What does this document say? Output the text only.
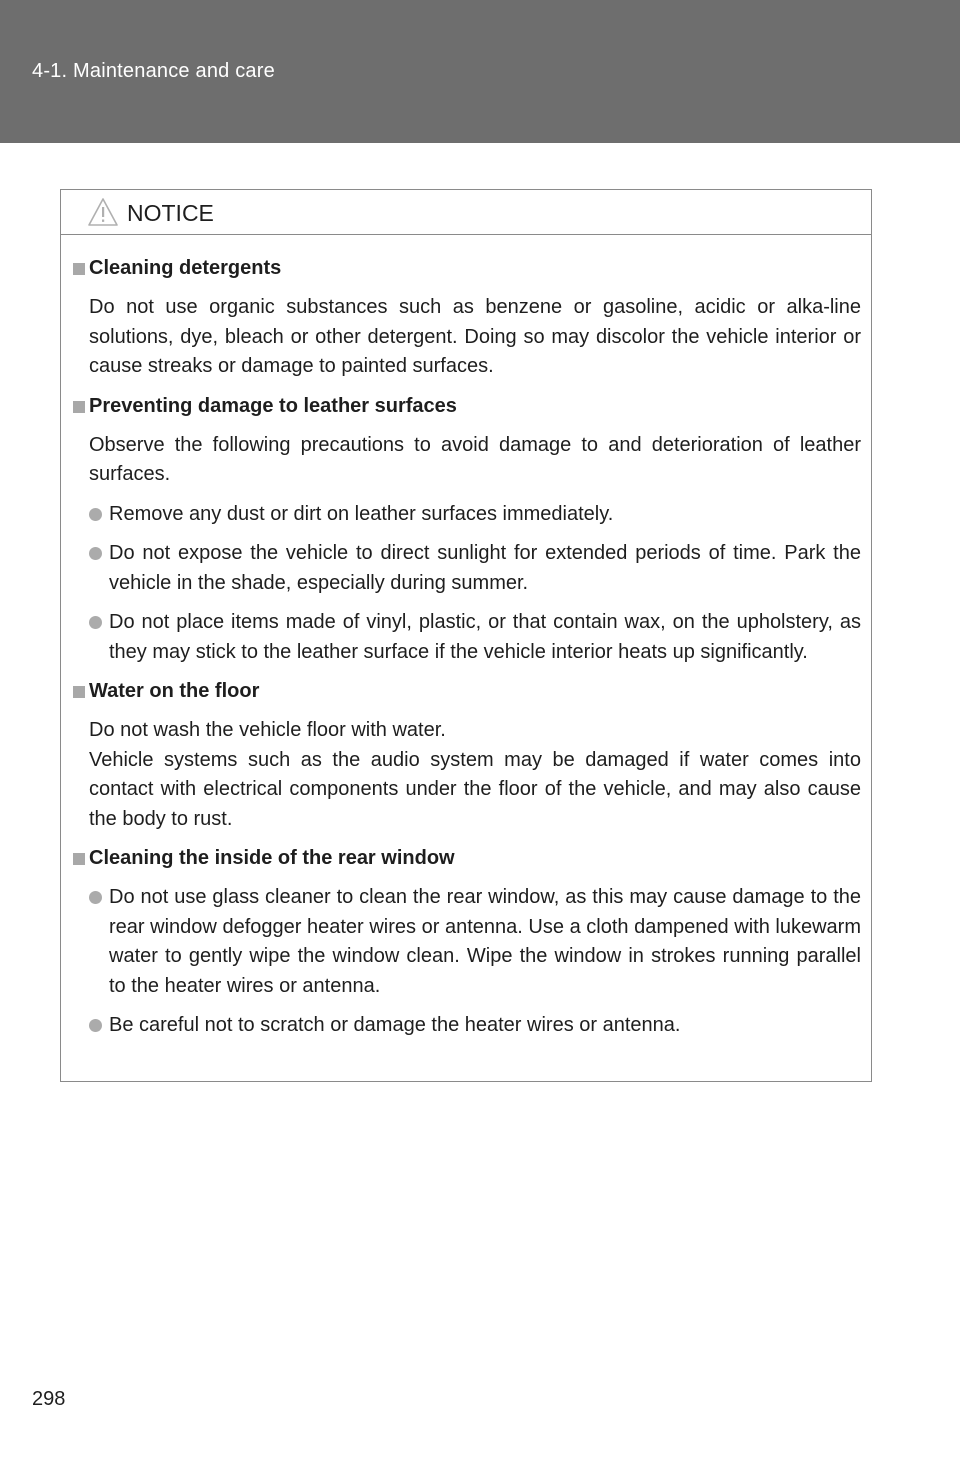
4-1. Maintenance and care
NOTICE
Cleaning detergents
Do not use organic substances such as benzene or gasoline, acidic or alka-line solutions, dye, bleach or other detergent. Doing so may discolor the vehicle interior or cause streaks or damage to painted surfaces.
Preventing damage to leather surfaces
Observe the following precautions to avoid damage to and deterioration of leather surfaces.
Remove any dust or dirt on leather surfaces immediately.
Do not expose the vehicle to direct sunlight for extended periods of time. Park the vehicle in the shade, especially during summer.
Do not place items made of vinyl, plastic, or that contain wax, on the upholstery, as they may stick to the leather surface if the vehicle interior heats up significantly.
Water on the floor
Do not wash the vehicle floor with water.
Vehicle systems such as the audio system may be damaged if water comes into contact with electrical components under the floor of the vehicle, and may also cause the body to rust.
Cleaning the inside of the rear window
Do not use glass cleaner to clean the rear window, as this may cause damage to the rear window defogger heater wires or antenna. Use a cloth dampened with lukewarm water to gently wipe the window clean. Wipe the window in strokes running parallel to the heater wires or antenna.
Be careful not to scratch or damage the heater wires or antenna.
298
